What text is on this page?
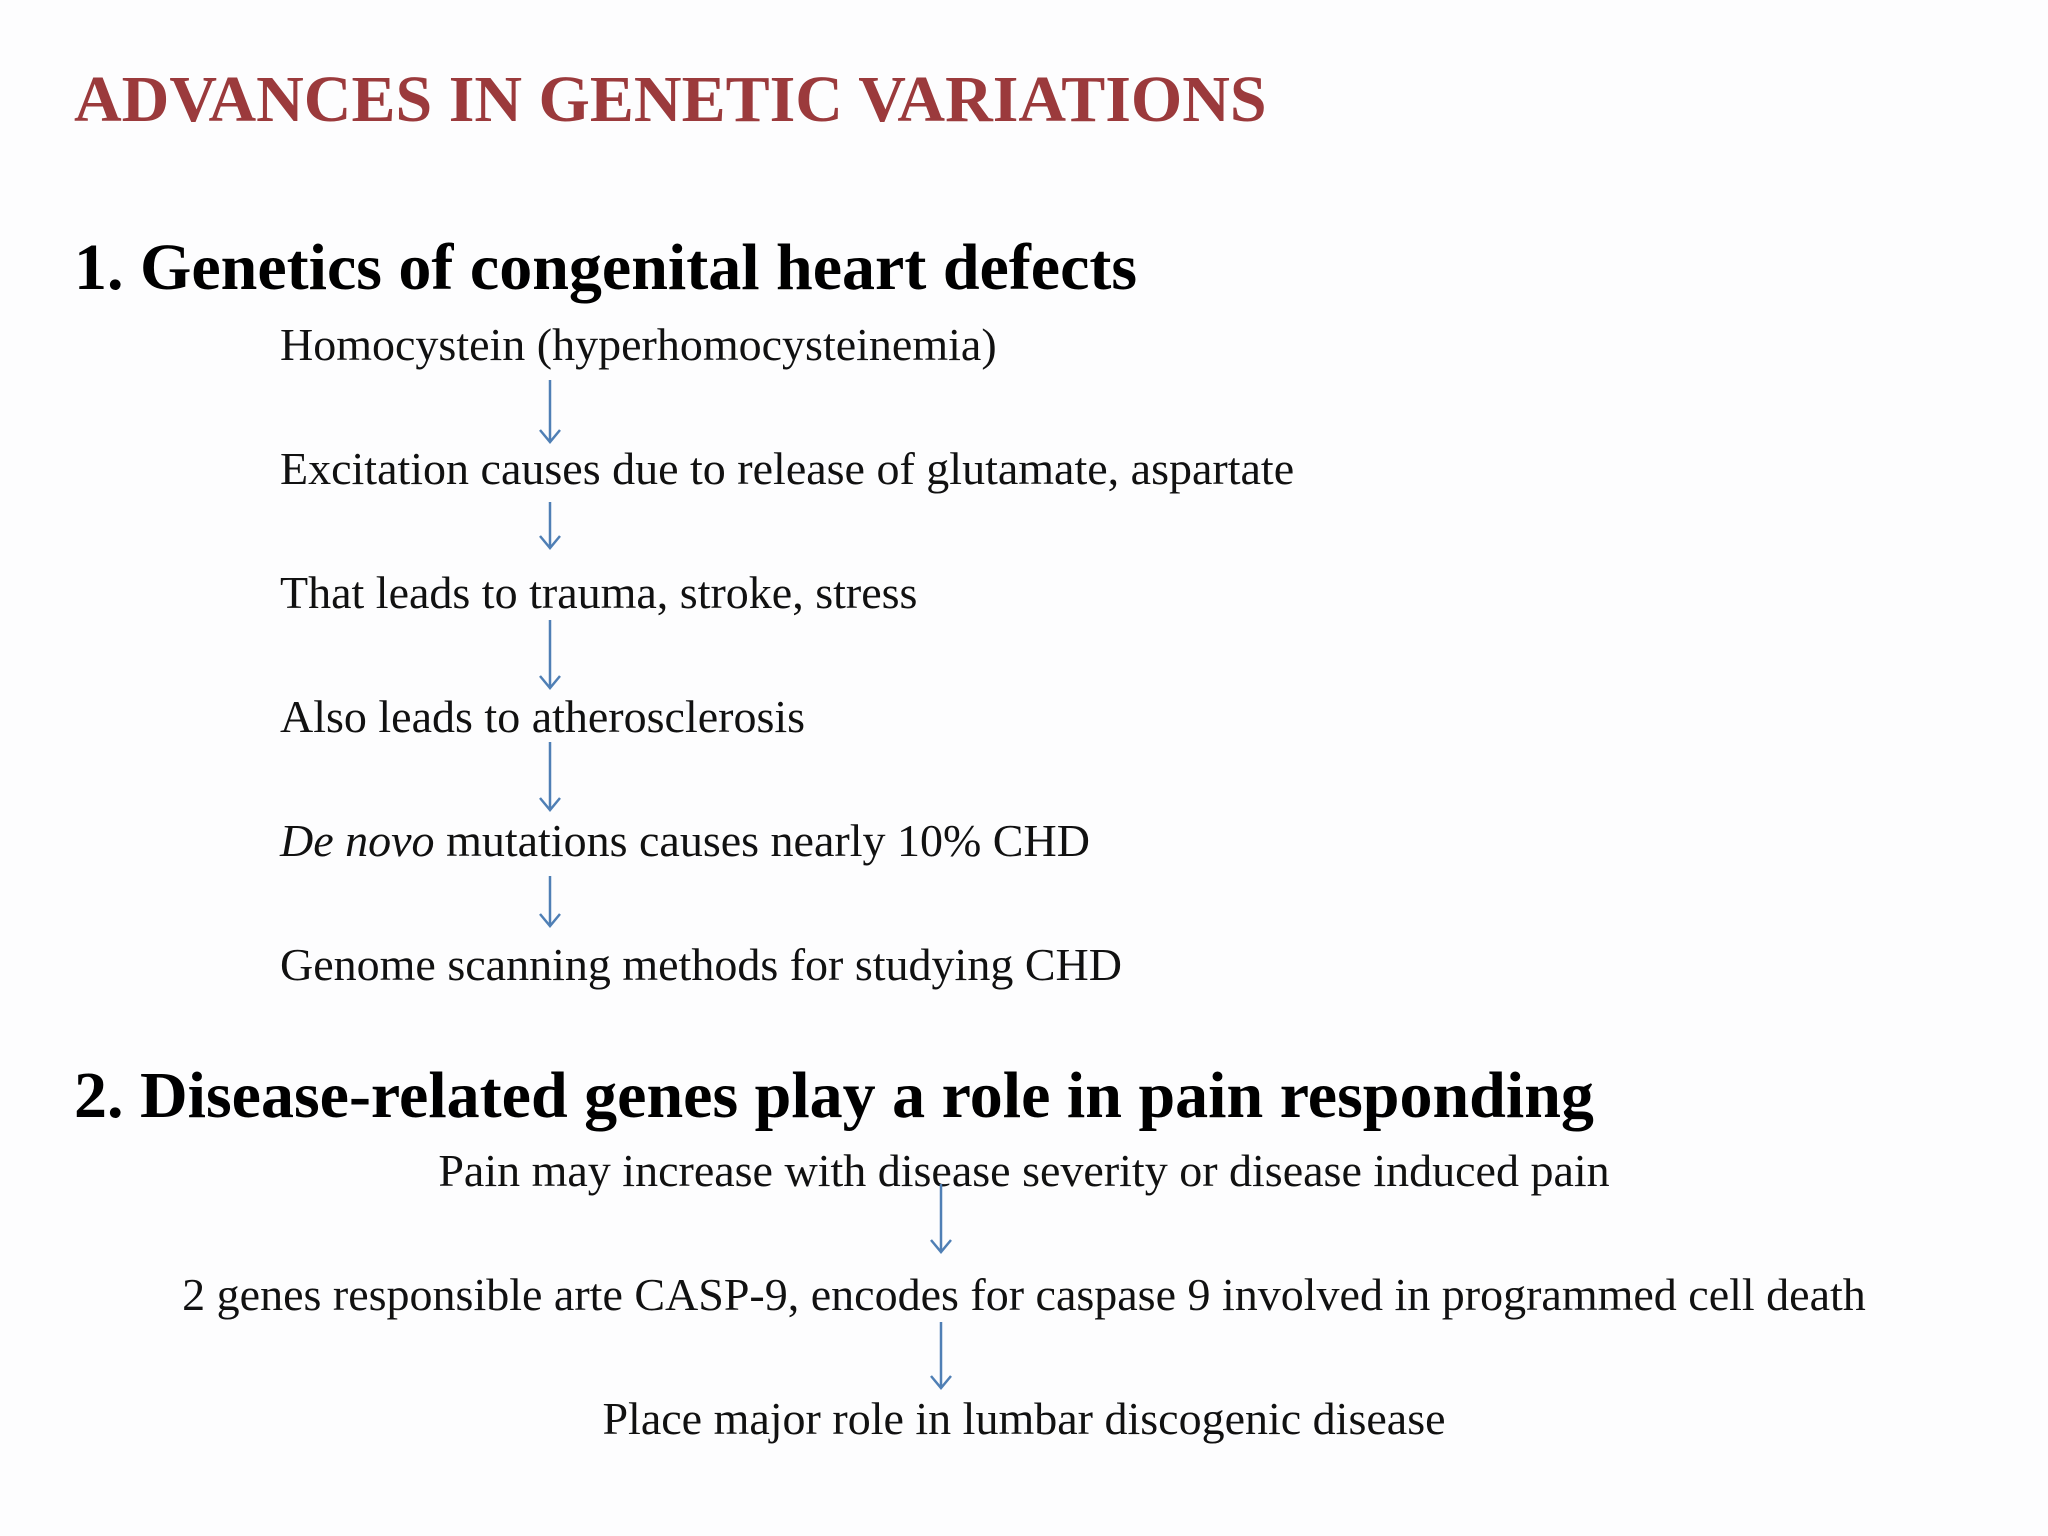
ADVANCES IN GENETIC VARIATIONS
1. Genetics of congenital heart defects
Homocystein (hyperhomocysteinemia)
Excitation causes due to release of glutamate, aspartate
That leads to trauma, stroke, stress
Also leads to atherosclerosis
De novo mutations causes nearly 10% CHD
Genome scanning methods for studying CHD
2. Disease-related genes play a role in pain responding
Pain may increase with disease severity or disease induced pain
2 genes responsible arte CASP-9, encodes for caspase 9 involved in programmed cell death
Place major role in lumbar discogenic disease
